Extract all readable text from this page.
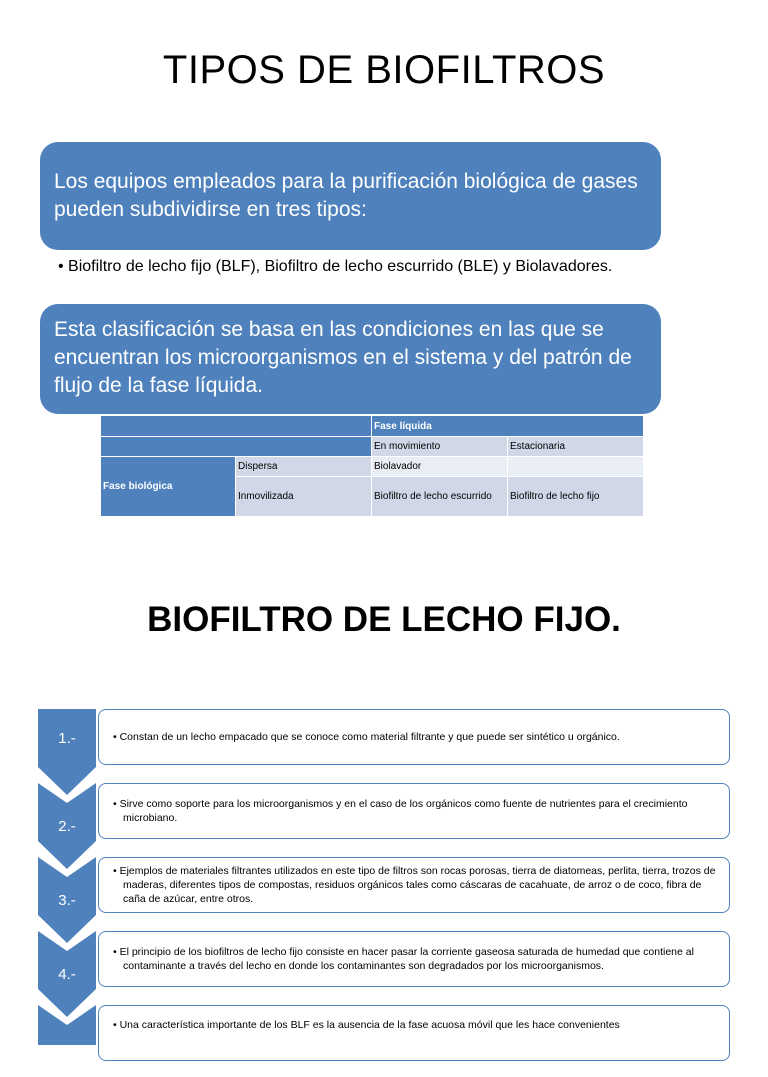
TIPOS DE BIOFILTROS
Los equipos empleados para la purificación biológica de gases pueden subdividirse en tres tipos:
• Biofiltro de lecho fijo (BLF), Biofiltro de lecho escurrido (BLE) y Biolavadores.
Esta clasificación se basa en las condiciones en las que se encuentran los microorganismos en el sistema y del patrón de flujo de la fase líquida.
		Fase líquida	
		En movimiento	Estacionaria
Fase biológica	Dispersa	Biolavador	
	Inmovilizada	Biofiltro de lecho escurrido	Biofiltro de lecho fijo
BIOFILTRO DE LECHO FIJO.
1.-	• Constan de un lecho empacado que se conoce como material filtrante y que puede ser sintético u orgánico.
2.-
• Sirve como soporte para los microorganismos y en el caso de los orgánicos como fuente de nutrientes para el crecimiento microbiano.
3.-
• Ejemplos de materiales filtrantes utilizados en este tipo de filtros son rocas porosas, tierra de diatomeas, perlita, tierra, trozos de maderas, diferentes tipos de compostas, residuos orgánicos tales como cáscaras de cacahuate, de arroz o de coco, fibra de caña de azúcar, entre otros.
4.-
• El principio de los biofiltros de lecho fijo consiste en hacer pasar la corriente gaseosa saturada de humedad que contiene al contaminante a través del lecho en donde los contaminantes son degradados por los microorganismos.
• Una característica importante de los BLF es la ausencia de la fase acuosa móvil que les hace convenientes
